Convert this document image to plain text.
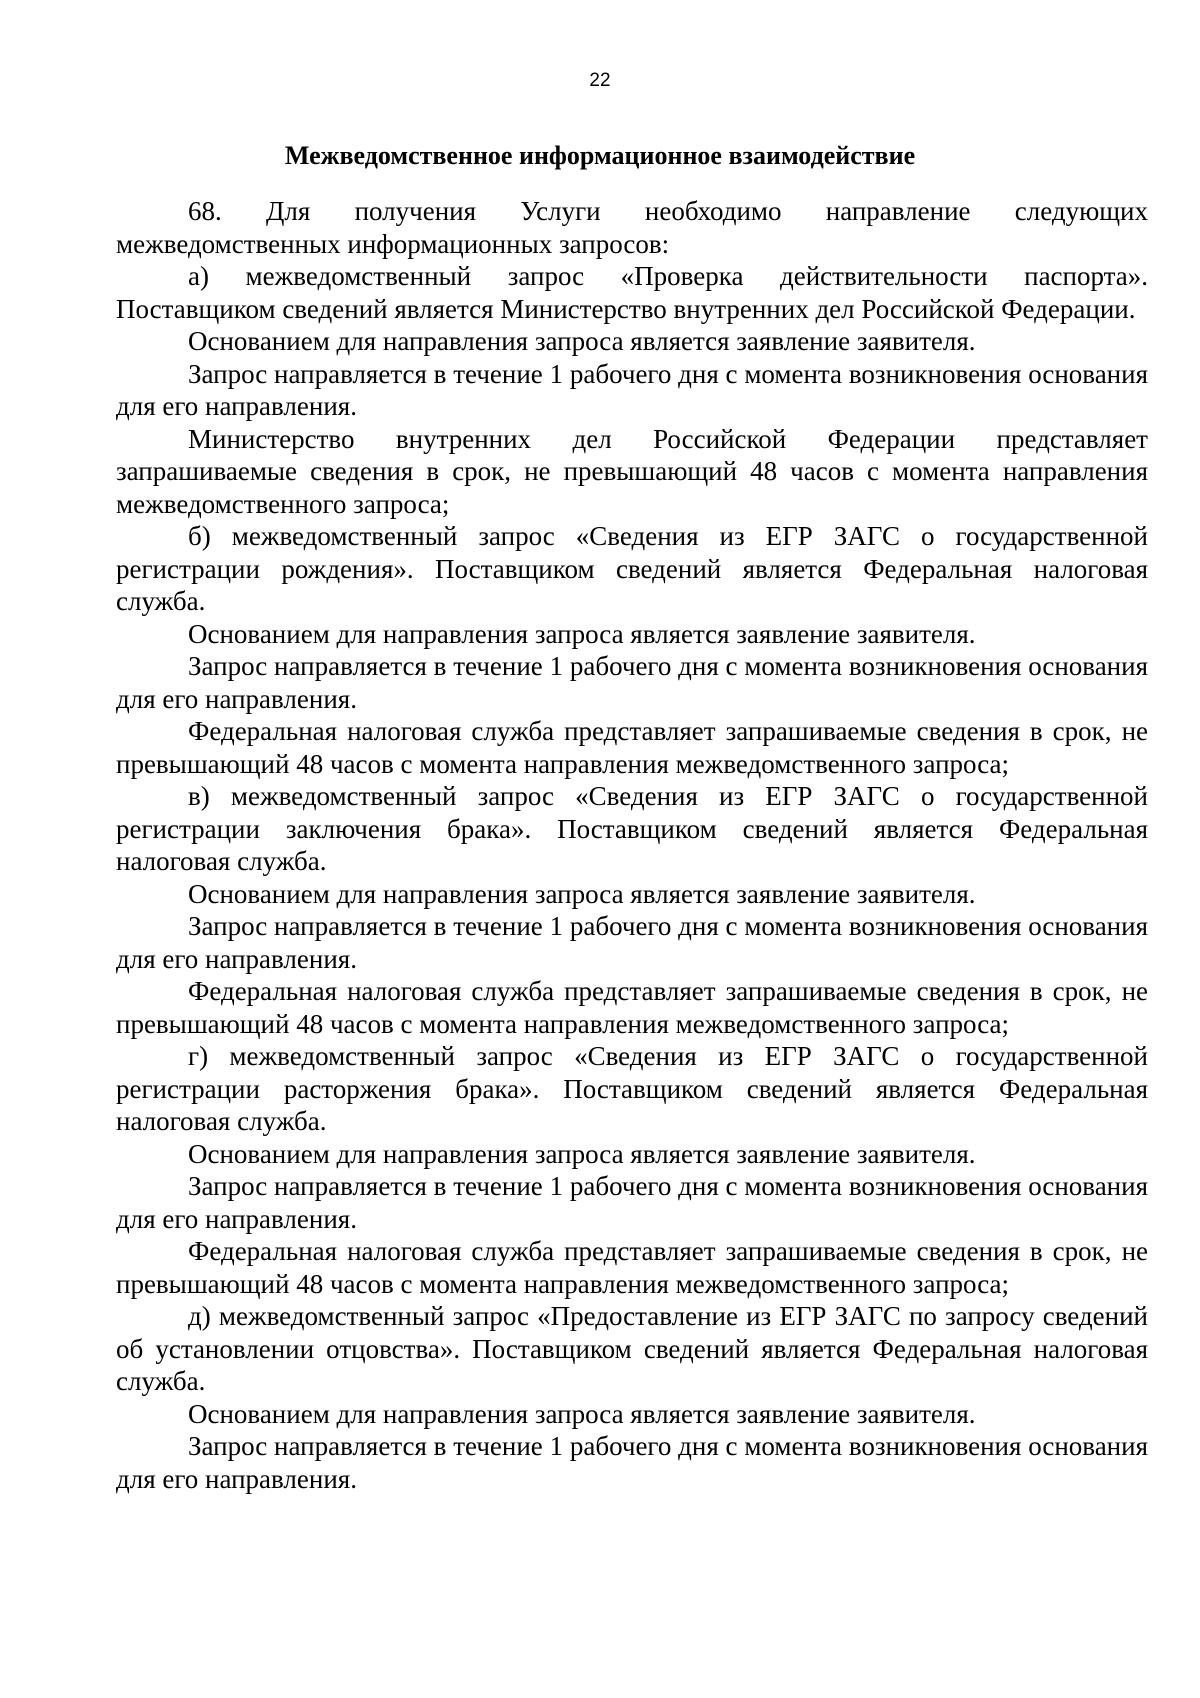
22
Межведомственное информационное взаимодействие

68. Для получения Услуги необходимо направление следующих межведомственных информационных запросов:

а) межведомственный запрос «Проверка действительности паспорта». Поставщиком сведений является Министерство внутренних дел Российской Федерации.

Основанием для направления запроса является заявление заявителя.

Запрос направляется в течение 1 рабочего дня с момента возникновения основания для его направления.

Министерство внутренних дел Российской Федерации представляет запрашиваемые сведения в срок, не превышающий 48 часов с момента направления межведомственного запроса;

б) межведомственный запрос «Сведения из ЕГР ЗАГС о государственной регистрации рождения». Поставщиком сведений является Федеральная налоговая служба.

Основанием для направления запроса является заявление заявителя.

Запрос направляется в течение 1 рабочего дня с момента возникновения основания для его направления.

Федеральная налоговая служба представляет запрашиваемые сведения в срок, не превышающий 48 часов с момента направления межведомственного запроса;

в) межведомственный запрос «Сведения из ЕГР ЗАГС о государственной регистрации заключения брака». Поставщиком сведений является Федеральная налоговая служба.

Основанием для направления запроса является заявление заявителя.

Запрос направляется в течение 1 рабочего дня с момента возникновения основания для его направления.

Федеральная налоговая служба представляет запрашиваемые сведения в срок, не превышающий 48 часов с момента направления межведомственного запроса;

г) межведомственный запрос «Сведения из ЕГР ЗАГС о государственной регистрации расторжения брака». Поставщиком сведений является Федеральная налоговая служба.

Основанием для направления запроса является заявление заявителя.

Запрос направляется в течение 1 рабочего дня с момента возникновения основания для его направления.

Федеральная налоговая служба представляет запрашиваемые сведения в срок, не превышающий 48 часов с момента направления межведомственного запроса;

д) межведомственный запрос «Предоставление из ЕГР ЗАГС по запросу сведений об установлении отцовства». Поставщиком сведений является Федеральная налоговая служба.

Основанием для направления запроса является заявление заявителя.

Запрос направляется в течение 1 рабочего дня с момента возникновения основания для его направления.
